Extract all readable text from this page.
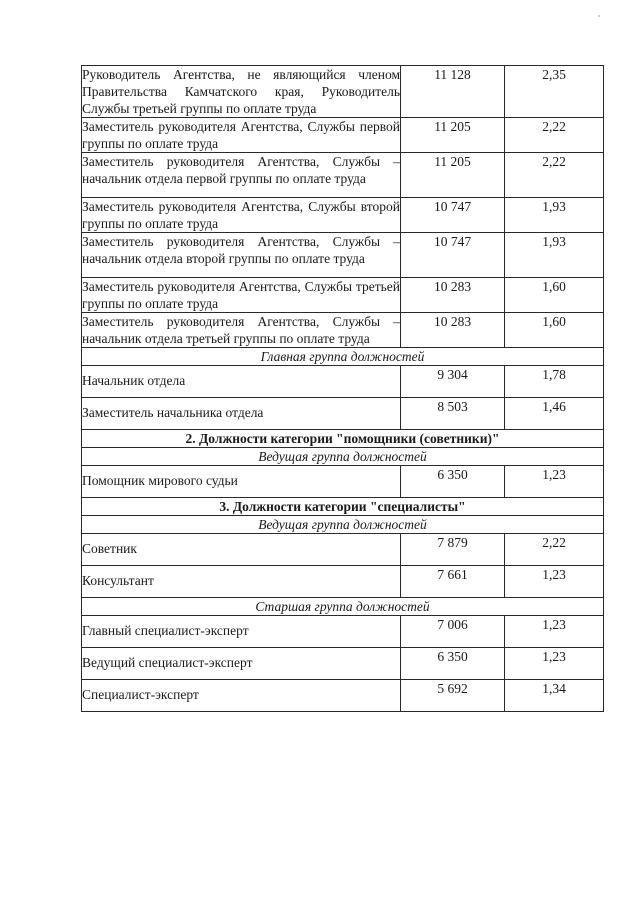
Руководитель Агентства, не являющийся членом Правительства Камчатского края, Руководитель Службы третьей группы по оплате труда	11 128	2,35
Заместитель руководителя Агентства, Службы первой группы по оплате труда	11 205	2,22
Заместитель руководителя Агентства, Службы – начальник отдела первой группы по оплате труда	11 205	2,22
Заместитель руководителя Агентства, Службы второй группы по оплате труда	10 747	1,93
Заместитель руководителя Агентства, Службы – начальник отдела второй группы по оплате труда	10 747	1,93
Заместитель руководителя Агентства, Службы третьей группы по оплате труда	10 283	1,60
Заместитель руководителя Агентства, Службы – начальник отдела третьей группы по оплате труда	10 283	1,60
Главная группа должностей		
Начальник отдела	9 304	1,78
Заместитель начальника отдела	8 503	1,46
2. Должности категории "помощники (советники)"		
Ведущая группа должностей		
Помощник мирового судьи	6 350	1,23
3. Должности категории "специалисты"		
Ведущая группа должностей		
Советник	7 879	2,22
Консультант	7 661	1,23
Старшая группа должностей		
Главный специалист-эксперт	7 006	1,23
Ведущий специалист-эксперт	6 350	1,23
Специалист-эксперт	5 692	1,34
